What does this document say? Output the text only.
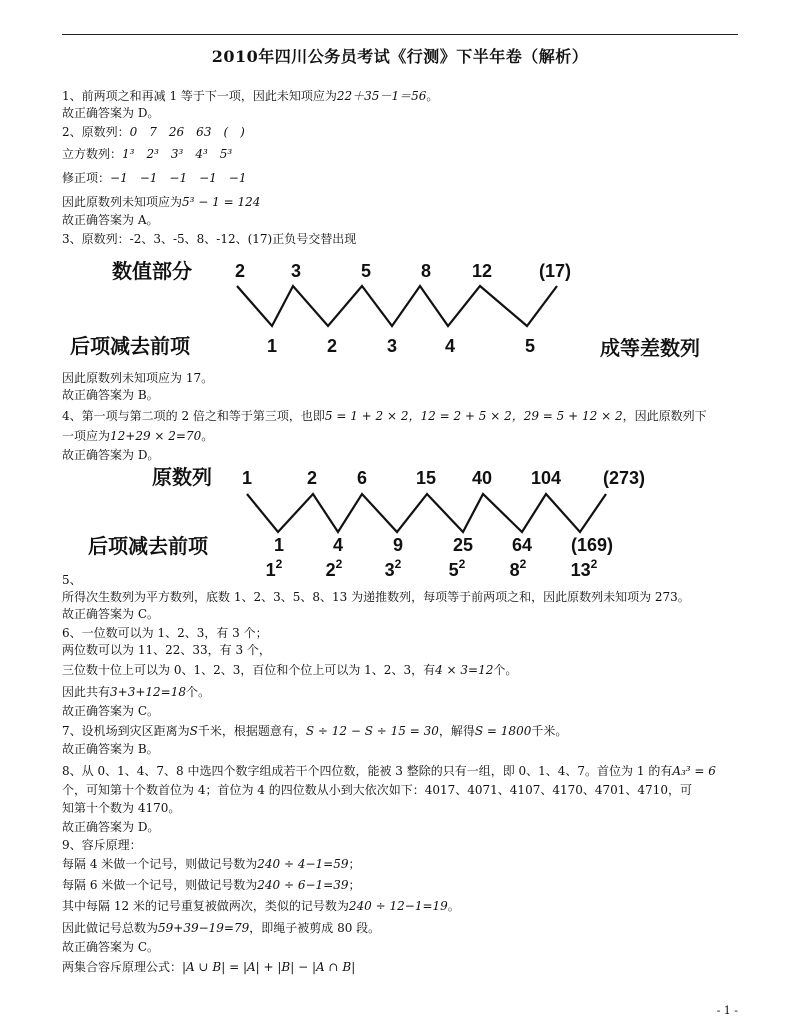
2010年四川公务员考试《行测》下半年卷（解析）
1、前两项之和再减 1 等于下一项，因此未知项应为22＋35－1＝56。
故正确答案为 D。
2、原数列：0　7　26　63　(　)
立方数列：1³　2³　3³　4³　5³
修正项：−1　−1　−1　−1　−1
因此原数列未知项应为5³ − 1 = 124
故正确答案为 A。
3、原数列：-2、3、-5、8、-12、(17)正负号交替出现
数值部分
后项减去前项	成等差数列
2	3	5	8 12	(17)
1	2	3	4	5
因此原数列未知项应为 17。
故正确答案为 B。
4、第一项与第二项的 2 倍之和等于第三项，也即5 = 1 + 2 × 2，12 = 2 + 5 × 2，29 = 5 + 12 × 2，因此原数列下
一项应为12+29 × 2=70。
故正确答案为 D。
原数列
后项减去前项
1	2 6	15 40 104 (273)
1	4	9	25 64 (169)
$1^2$ $2^2$ $3^2$	$5^2$ $8^2$ $13^2$
5、
所得次生数列为平方数列，底数 1、2、3、5、8、13 为递推数列，每项等于前两项之和，因此原数列未知项为 273。
故正确答案为 C。
6、一位数可以为 1、2、3，有 3 个；
两位数可以为 11、22、33，有 3 个，
三位数十位上可以为 0、1、2、3，百位和个位上可以为 1、2、3，有4 × 3=12个。
因此共有3+3+12=18个。
故正确答案为 C。
7、设机场到灾区距离为S千米，根据题意有，S ÷ 12 − S ÷ 15 = 30，解得S = 1800千米。
故正确答案为 B。
8、从 0、1、4、7、8 中选四个数字组成若干个四位数，能被 3 整除的只有一组，即 0、1、4、7。首位为 1 的有A₃³ = 6
个，可知第十个数首位为 4；首位为 4 的四位数从小到大依次如下：4017、4071、4107、4170、4701、4710，可
知第十个数为 4170。
故正确答案为 D。
9、容斥原理：
每隔 4 米做一个记号，则做记号数为240 ÷ 4−1=59；
每隔 6 米做一个记号，则做记号数为240 ÷ 6−1=39；
其中每隔 12 米的记号重复被做两次，类似的记号数为240 ÷ 12−1=19。
因此做记号总数为59+39−19=79，即绳子被剪成 80 段。
故正确答案为 C。
两集合容斥原理公式：|A ∪ B| = |A| + |B| − |A ∩ B|
- 1 -
